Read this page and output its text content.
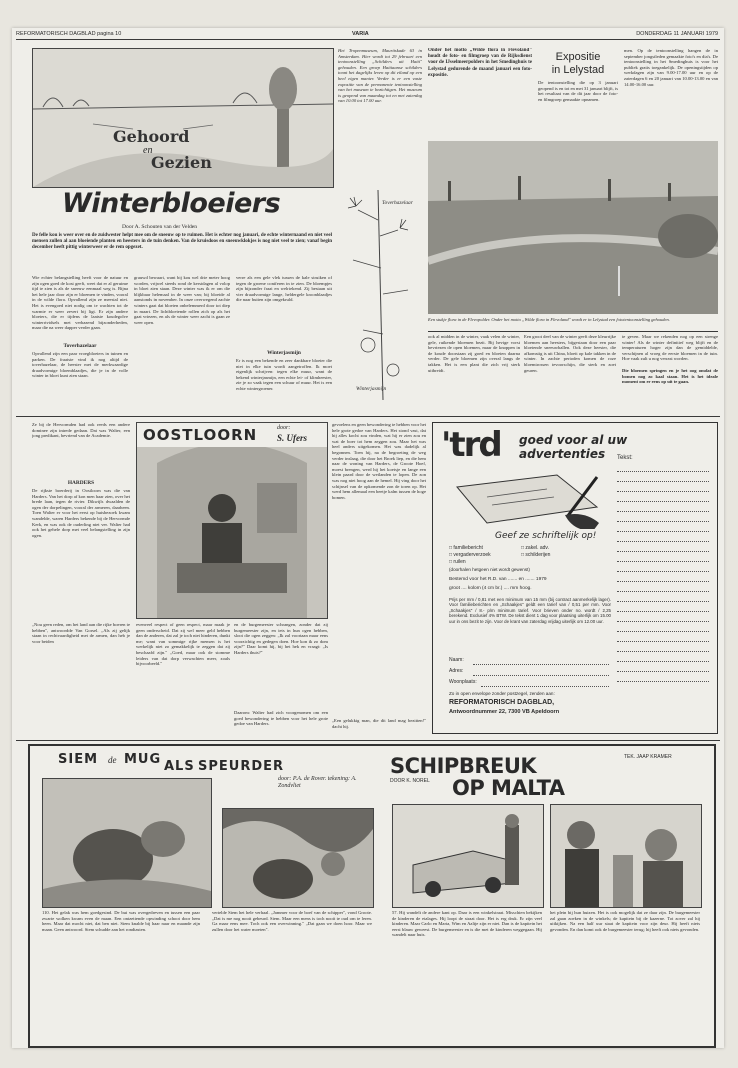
REFORMATORISCH DAGBLAD pagina 10	VARIA	DONDERDAG 11 JANUARI 1979
Gehoord
en
Gezien
Winterbloeiers
Door A. Schouten van der Velden
De felle kou is weer over en de zuidwester helpt mee om de sneeuw op te ruimen. Het is echter nog januari, de echte winternaand en niet veel mensen zullen al aan bloeiende planten en heesters in de tuin denken. Van de kruisdoos en sneeuwklokjes is nog niet veel te zien; vanaf begin december heeft pittig winterweer er de rem opgezet.
Wie echter belangstelling heeft voor de natuur en zijn ogen goed de kost geeft, weet dat er al geruime tijd te zien is als de sneeuw eenmaal weg is. Bijna het hele jaar door zijn er bloemen te vinden, vooral in de wilde flora. Opvallend zijn ze meestal niet. Het is evengoed niet nodig om te wachten tot de warmte er weer zevert bij ligt. Er zijn andere bloeiers, die er tijdens de laatste koudegolve winterrividsels met verbazend bijzonderheden, maar die na weer dapper verder gaan.
Toverhazelaar
Opvallend zijn een paar vroegbloeiers in tuinen en parken. De fraaiste vind ik nog altijd de toverhazelaar, de heester met de merkwaardige draadvormige bloemblaadjes, die je in de volle winter in bloei kunt zien staan.
grauwd bewaart, want bij kou wel drie meter hoog worden, vrijwel steeds rond de kerstdagen al volop in bloei zien staan. Deze winter was ik er om die blijkbaar helemaal in de weer van; bij bloeide al aanstonds in november. In onze overwegend zachte winters gaat dat bloeien onbelemmerd door tot diep in maart. De lichtbloeiende rollen zich op als het gaat vriezen, en als de winter weer zacht is gaan ze weer open.
verre als een gele vlek tussen de kale struiken of tegen de groene coniferen in te zien. De bloempjes zijn bijzonder fraai en welriekend. Zij bestaan uit vier draadvormige lange, heldergele kroonblaadjes die naar buiten zijn omgekruld.
Winterjasmijn
Er is nog een bekende en zeer dankbare bloeier die niet in elke tuin wordt aangetroffen. Ik moet eigenlijk schrijven: tegen elke muur, want de bekend winterjasmijn, een echte lei- of klimheester, zie je zo vaak tegen een schuur of muur. Het is een echte wintergroener.
Het Tropenmuseum, Mauritskade 63 in Amsterdam. Hier wordt tot 29 februari een tentoonstelling „Schilders uit Haiti" gehouden. Een groep Haitiaanse schilders toont het dagelijks leven op dit eiland op een heel eigen manier. Verder is er een vaste expositie van de permanente tentoonstelling van het museum te bezichtigen. Het museum is geopend van maandag tot en met zaterdag van 10.00 tot 17.00 uur.
Toverhazelaar
Winterjasmijn
Onder het motto „Wilde flora in Flevoland" houdt de foto- en filmgroep van de Rijksdienst voor de IJsselmeerpolders in het Smedinghuis te Lelystad gedurende de maand januari een foto-expositie.
Expositie
in Lelystad
De tentoonstelling die op 3 januari geopend is en tot en met 31 januari blijft, is het resultaat van de dit jaar door de foto- en filmgroep gemaakte opnamen.
men. Op de tentoonstelling hangen de in september jongstleden gemaakte foto's en dia's. De tentoonstelling in het Smedinghuis is voor het publiek gratis toegankelijk. De openingstijden op werkdagen zijn van 9.00-17.00 uur en op de zaterdagen 6 en 20 januari van 10.00-13.00 en van 14.00-16.00 uur.
Een stukje flora in de Flevopolder. Onder het motto „Wilde flora in Flevoland" wordt er in Lelystad een fototentoonstelling gehouden.
ook al midden in de winter, vaak velen de winter, gele, ruikende bloemen bezit. Bij hevige vorst bevriezen de open bloemen, maar de knoppen in de koude doorstaan zij goed en bloeien daarna verder. De gele bloemen zijn overal langs de takken. Het is een plant die zich vrij sterk uitbreidt.
Een groot deel van de winter geeft deze kleurrijke bloemen aan heesters, bijgestaan door een paar bloeiende sneeuwballen. Ook deze heester, die afkomstig is uit China, bloeit op kale takken in de winter. In zachte perioden komen de roze bloemtrossen tevoorschijn, die sterk en zoet geuren.
te geven. Maar we rekenden nog op een strenge winter! Als de winter definitief weg blijft en de temperaturen hoger zijn dan de gemiddelde, verschijnen al vroeg de eerste bloemen in de tuin. Hoe vaak zult u nog verrast worden.
Die bloemen springen en je het oog omdat de bomen nog zo kaal staan. Het is het ideale moment om er eens op uit te gaan.
Ze bij de Hervormden had ook reeds een andere dominee zijn intrede gedaan. Dat was Walter, een jong predikant, bevriend van de Academie.
HARDERS
De rijkste boerderij in Oostloorn was die van Harders. Van het dorp af kon men haar zien, over het brede laan, tegen de rivier. Dikwijls dwaalden de ogen der dorpelingen, vooral der armeren, daarheen. Toen Walter er voor het eerst op huisbezoek kwam wandelde, waren Harders bekende bij de Hervormde Kerk, en was ook de ouderling niet ver. Walter had ook het gehele dorp met veel belangstelling in zijn ogen.
„Nou geen reden, om het land aan die rijke boeren te hebben", antwoordde Van Gorsel. „Als zij gelijk staan in rechtvaardigheid met de armen, dan heb je voor beiden
OOSTLOORN	door:
S. Ufers
evenveel respect of geen respect, maar maak je geen onderscheid. Dat zij wel meer geld hebben dan de anderen, dat zal je toch niet hinderen, dunkt me; want van sommige rijke mensen is het werkelijk niet zo gemakkelijk te zeggen dat zij beschaafd zijn." „Goed, maar ook de stomme leiders van dat dorp verwachten meer, zoals bijvoorbeeld."
en de burgemeester schrangen, zonder dat zij burgemeester zijn, en iets in hun ogen hebben, sloot die ogen zeggen: „Ik zal voortaan maar eens voorzichtig en gedegen doen. Hoe kon ik zo dom zijn?" Daar komt hij, bij het hek en vraagt: „Is Harders thuis?"
Daarom: Walter had zich voorgenomen om een goed bewondering te hebben voor het hele grote gedoe van Harders.
gevoelens en geen bewondering te hebben voor het hele grote gedoe van Harders. Het stond vast, dat hij alles kocht zou vinden, wat hij er zien zou en wat de boer tot hem zeggen zou. Maar het was heel anders uitgekomen. Het was dadelijk al begonnen. Toen hij, na de begroeting de weg verder inslaag, die door het Broek liep, en die hem naar de woning van Harders, de Groote Hoef, moest brengen, werd hij het koetsje en lange een klein paard door de weilanden te lopen. De zon was nog niet hoog aan de hemel. Hij ving door het schijnsel van de opkomende zon de toren op. Het werd hem allemaal een beetje kalm tussen de hoge bomen.
„Een gelukkig man, die dit land mag bezitten!" dacht hij.
'trd goed voor al uw advertenties	Tekst:
Geef ze schriftelijk op!
□ familiebericht
□ vergaderverzoek
□ ruilen
□ zakel. adv.
□ schilderijen
(doorhalen hetgeen niet wordt gewenst)
Bestemd voor het R.D. van ....... en ....... 1979
groot .... kolom (4 cm br.) .... mm hoog.
Prijs per mm / 0,81 met een minimum van 15 mm (bij contract aanmerkelijk lager). Voor familieberichten en „Schaakjes" geldt een tarief van / 0,51 per mm. Voor „Schaakjes" / 8.- p/m minimum tarief. Voor brieven onder no. wordt / 2,25 berekend. Exclusief 4% BTW. De tekst dient 1 dag voor plaatsing uiterlijk om 15.00 uur in ons bezit te zijn. Voor de krant van zaterdag vrijdag uiterlijk om 12.00 uur.
Naam:
Adres:
Woonplaats:
Zo in open envelope zonder postzegel, zenden aan:
REFORMATORISCH DAGBLAD,
Antwoordnummer 22, 7300 VB Apeldoorn
SIEM de MUG ALS SPEURDER
door: P.A. de Rover. tekening: A. Zondvliet
110. Het gelak was hem goedgesind. De bui was overgedreven en tussen een paar zwarte wolken kwam even de maan. Een ontzettende opwinding schoot door hem heen. Maar dat mocht niet, dat ben niet. Siem knalde bij haar naar en maande zijn maan. Geen antwoord. Siem schudde aan het rondtasten.
vertelde Siem het hele verhaal. „Jammer voor de boef van de schipper", vond Groote. „Dat is me nog nooit gebeurd. Siem. Maar een mens is toch nooit te oud om te leren. Ga maar eens mee. Toch ook een overwinning." „Dat gaan we doen hoor. Maar we zullen door het water moeten".
SCHIPBREUK
OP MALTA
DOOR K. NOREL
TEK. JAAP KRAMER
57. Hij wandelt de andere kant op. Daar is een winkelstraat. Misschien bekijken de kinderen de etalages. Hij loopt de straat door. Het is erg druk. Er zijn veel kinderen. Maar Carlo en Marta, Wim en Aaltje zijn er niet. Dan is de kapitein het eerst blauw geweest. De burgemeester en is die met de kinderen weggegaan. Hij wandelt naar huis.
het plein bij hun huizen. Het is ook mogelijk dat ze daar zijn. De burgemeester zal gaan zoeken in de winkels; de kapitein bij de kazerne. Tot zover zal hij uitkijken. Na een half uur staat de kapitein voor zijn deur. Hij heeft niets gevonden. En dan komt ook de burgemeester terug; hij heeft ook niets gevonden.
